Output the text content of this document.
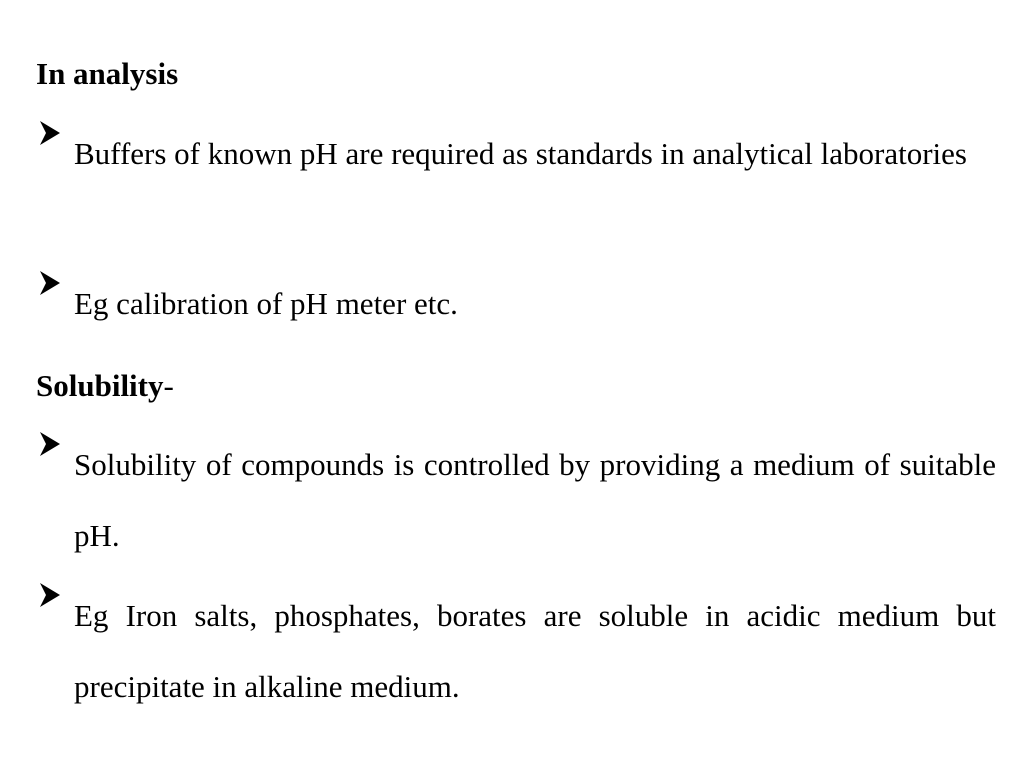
In analysis
Buffers of known pH are required as standards in analytical laboratories
Eg calibration of pH meter etc.
Solubility-
Solubility of compounds is controlled by providing a medium of suitable pH.
Eg Iron salts, phosphates, borates are soluble in acidic medium but precipitate in alkaline medium.
